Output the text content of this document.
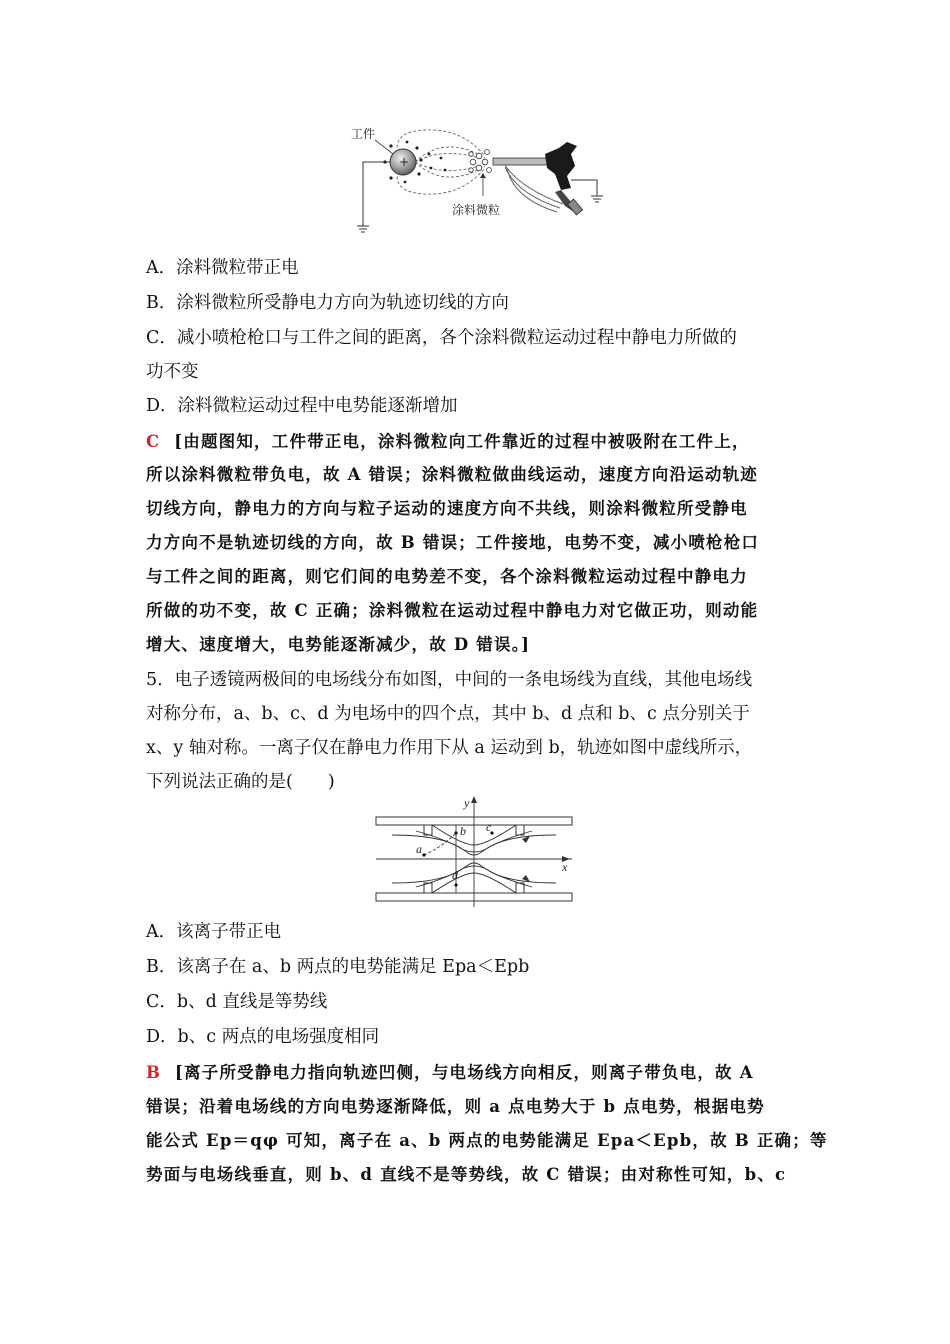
工件
+
涂料微粒
A．涂料微粒带正电
B．涂料微粒所受静电力方向为轨迹切线的方向
C．减小喷枪枪口与工件之间的距离，各个涂料微粒运动过程中静电力所做的
功不变
D．涂料微粒运动过程中电势能逐渐增加
C [由题图知，工件带正电，涂料微粒向工件靠近的过程中被吸附在工件上，
所以涂料微粒带负电，故 A 错误；涂料微粒做曲线运动，速度方向沿运动轨迹
切线方向，静电力的方向与粒子运动的速度方向不共线，则涂料微粒所受静电
力方向不是轨迹切线的方向，故 B 错误；工件接地，电势不变，减小喷枪枪口
与工件之间的距离，则它们间的电势差不变，各个涂料微粒运动过程中静电力
所做的功不变，故 C 正确；涂料微粒在运动过程中静电力对它做正功，则动能
增大、速度增大，电势能逐渐减少，故 D 错误。]
5．电子透镜两极间的电场线分布如图，中间的一条电场线为直线，其他电场线
对称分布，a、b、c、d 为电场中的四个点，其中 b、d 点和 b、c 点分别关于
x、y 轴对称。一离子仅在静电力作用下从 a 运动到 b，轨迹如图中虚线所示，
下列说法正确的是(　　)
y
x
a
b c
d
A．该离子带正电
B．该离子在 a、b 两点的电势能满足 Epa＜Epb
C．b、d 直线是等势线
D．b、c 两点的电场强度相同
B [离子所受静电力指向轨迹凹侧，与电场线方向相反，则离子带负电，故 A
错误；沿着电场线的方向电势逐渐降低，则 a 点电势大于 b 点电势，根据电势
能公式 Ep＝qφ 可知，离子在 a、b 两点的电势能满足 Epa＜Epb，故 B 正确；等
势面与电场线垂直，则 b、d 直线不是等势线，故 C 错误；由对称性可知，b、c
